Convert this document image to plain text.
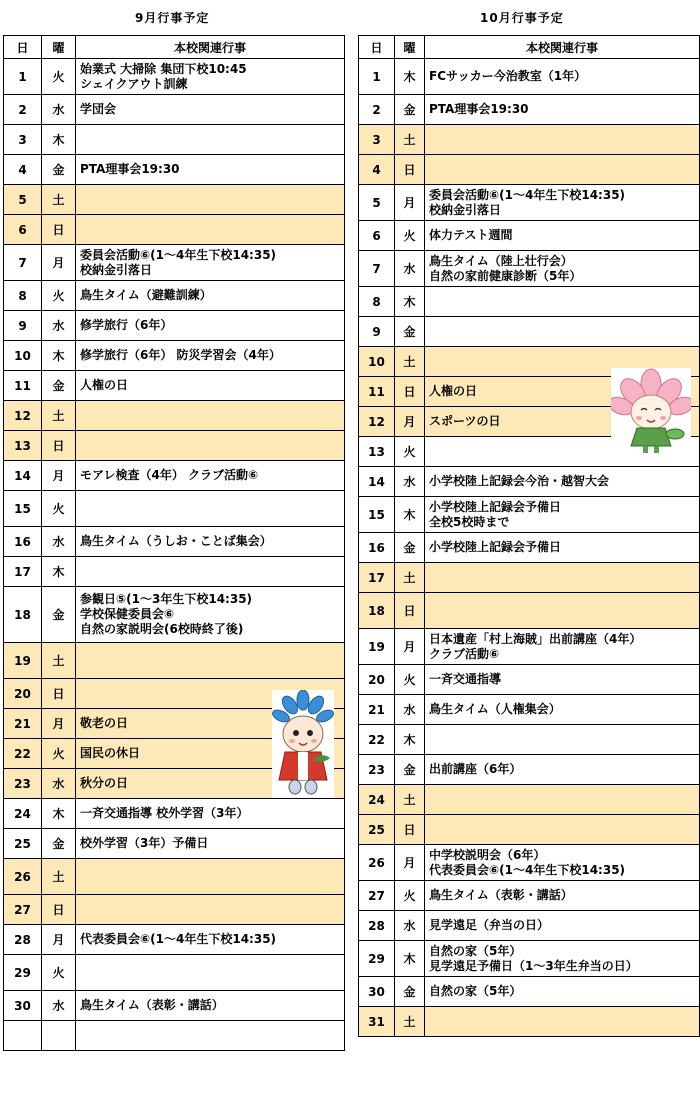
9月行事予定	10月行事予定
日	曜	本校関連行事
1	火	始業式 大掃除 集団下校10:45
シェイクアウト訓練

2	水	学団会

3	木	
4	金	PTA理事会19:30

5	土	
6	日	
7	月	委員会活動⑥(1～4年生下校14:35)
校納金引落日

8	火	鳥生タイム（避難訓練）

9	水	修学旅行（6年）

10	木	修学旅行（6年） 防災学習会（4年）

11	金	人権の日

12	土	
13	日	
14	月	モアレ検査（4年） クラブ活動⑥

15	火	
16	水	鳥生タイム（うしお・ことば集会）

17	木	
18	金	参観日⑤(1～3年生下校14:35)
学校保健委員会⑥
自然の家説明会(6校時終了後)

19	土	
20	日	
21	月	敬老の日

22	火	国民の休日

23	水	秋分の日

24	木	一斉交通指導 校外学習（3年）

25	金	校外学習（3年）予備日

26	土	
27	日	
28	月	代表委員会⑥(1～4年生下校14:35)

29	火	
30	水	鳥生タイム（表彰・講話）

日	曜	本校関連行事
1	木	FCサッカー今治教室（1年）

2	金	PTA理事会19:30

3	土	
4	日	
5	月	委員会活動⑥(1～4年生下校14:35)
校納金引落日

6	火	体力テスト週間

7	水	鳥生タイム（陸上壮行会）
自然の家前健康診断（5年）

8	木	
9	金	
10	土	
11	日	人権の日

12	月	スポーツの日

13	火	
14	水	小学校陸上記録会今治・越智大会

15	木	小学校陸上記録会予備日
全校5校時まで

16	金	小学校陸上記録会予備日

17	土	
18	日	
19	月	日本遺産「村上海賊」出前講座（4年）
クラブ活動⑥

20	火	一斉交通指導

21	水	鳥生タイム（人権集会）

22	木	
23	金	出前講座（6年）

24	土	
25	日	
26	月	中学校説明会（6年）
代表委員会⑥(1～4年生下校14:35)

27	火	鳥生タイム（表彰・講話）

28	水	見学遠足（弁当の日）

29	木	自然の家（5年）
見学遠足予備日（1～3年生弁当の日）

30	金	自然の家（5年）

31	土	
